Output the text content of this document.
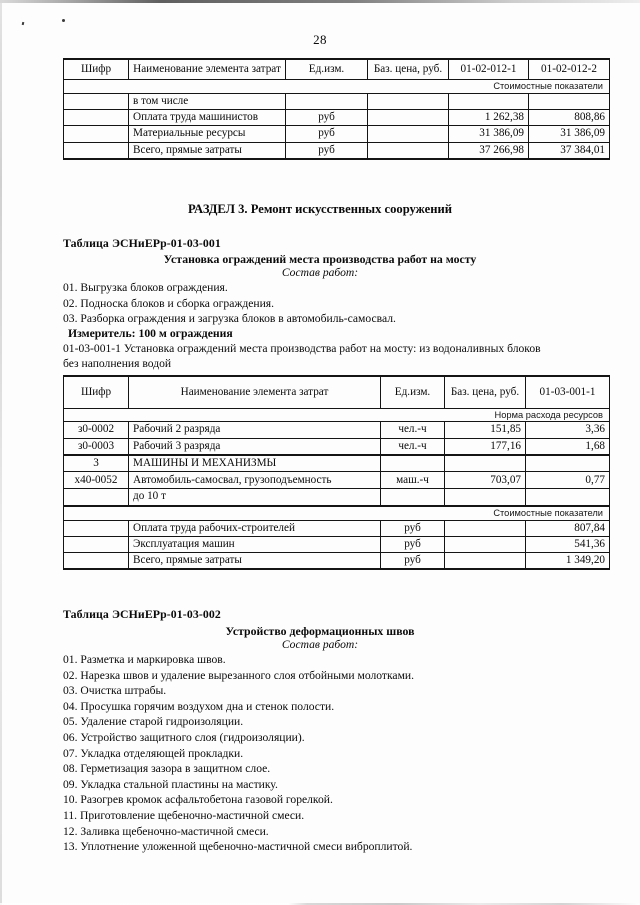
28
Шифр	Наименование элемента затрат	Ед.изм.	Баз. цена, руб.	01-02-012-1	01-02-012-2
Стоимостные показатели					
	в том числе				
	Оплата труда машинистов	руб		1 262,38	808,86
	Материальные ресурсы	руб		31 386,09	31 386,09
	Всего, прямые затраты	руб		37 266,98	37 384,01
РАЗДЕЛ 3. Ремонт искусственных сооружений
Таблица ЭСНиЕРр-01-03-001
Установка ограждений места производства работ на мосту
Состав работ:
01. Выгрузка блоков ограждения.
02. Подноска блоков и сборка ограждения.
03. Разборка ограждения и загрузка блоков в автомобиль-самосвал.
Измеритель: 100 м ограждения
01-03-001-1 Установка ограждений места производства работ на мосту: из водоналивных блоков
без наполнения водой
Шифр	Наименование элемента затрат	Ед.изм.	Баз. цена, руб.	01-03-001-1
Норма расхода ресурсов				
з0-0002	Рабочий 2 разряда	чел.-ч	151,85	3,36
з0-0003	Рабочий 3 разряда	чел.-ч	177,16	1,68
3	МАШИНЫ И МЕХАНИЗМЫ			
х40-0052	Автомобиль-самосвал, грузоподъемность	маш.-ч	703,07	0,77
	до 10 т			
Стоимостные показатели				
	Оплата труда рабочих-строителей	руб		807,84
	Эксплуатация машин	руб		541,36
	Всего, прямые затраты	руб		1 349,20
Таблица ЭСНиЕРр-01-03-002
Устройство деформационных швов
Состав работ:
01. Разметка и маркировка швов.
02. Нарезка швов и удаление вырезанного слоя отбойными молотками.
03. Очистка штрабы.
04. Просушка горячим воздухом дна и стенок полости.
05. Удаление старой гидроизоляции.
06. Устройство защитного слоя (гидроизоляции).
07. Укладка отделяющей прокладки.
08. Герметизация зазора в защитном слое.
09. Укладка стальной пластины на мастику.
10. Разогрев кромок асфальтобетона газовой горелкой.
11. Приготовление щебеночно-мастичной смеси.
12. Заливка щебеночно-мастичной смеси.
13. Уплотнение уложенной щебеночно-мастичной смеси виброплитой.
